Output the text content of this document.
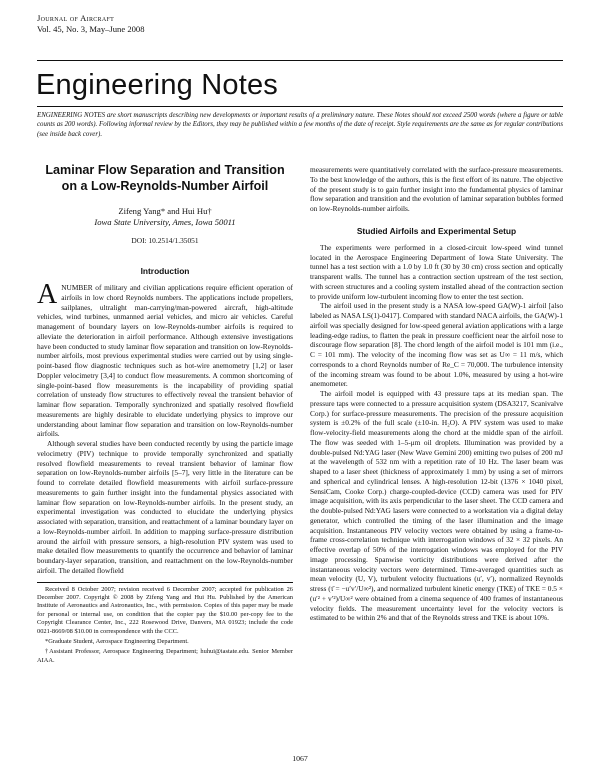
Journal of Aircraft
Vol. 45, No. 3, May–June 2008
Engineering Notes
ENGINEERING NOTES are short manuscripts describing new developments or important results of a preliminary nature. These Notes should not exceed 2500 words (where a figure or table counts as 200 words). Following informal review by the Editors, they may be published within a few months of the date of receipt. Style requirements are the same as for regular contributions (see inside back cover).
Laminar Flow Separation and Transition on a Low-Reynolds-Number Airfoil
Zifeng Yang* and Hui Hu†
Iowa State University, Ames, Iowa 50011
DOI: 10.2514/1.35051
Introduction
A NUMBER of military and civilian applications require efficient operation of airfoils in low chord Reynolds numbers. The applications include propellers, sailplanes, ultralight man-carrying/man-powered aircraft, high-altitude vehicles, wind turbines, unmanned aerial vehicles, and micro air vehicles. Careful management of boundary layers on low-Reynolds-number airfoils is required to alleviate the deterioration in airfoil performance. Although extensive investigations have been conducted to study laminar flow separation and transition on low-Reynolds-number airfoils, most previous experimental studies were carried out by using single-point-based flow diagnostic techniques such as hot-wire anemometry [1,2] or laser Doppler velocimetry [3,4] to conduct flow measurements. A common shortcoming of single-point-based flow measurements is the incapability of providing spatial correlation of unsteady flow structures to effectively reveal the transient behavior of laminar flow separation. Temporally synchronized and spatially resolved flowfield measurements are highly desirable to elucidate underlying physics to improve our understanding about laminar flow separation and transition on low-Reynolds-number airfoils.

Although several studies have been conducted recently by using the particle image velocimetry (PIV) technique to provide temporally synchronized and spatially resolved flowfield measurements to reveal transient behavior of laminar flow separation on low-Reynolds-number airfoils [5–7], very little in the literature can be found to correlate detailed flowfield measurements with airfoil surface-pressure measurements to gain further insight into the fundamental physics associated with laminar flow separation on low-Reynolds-number airfoils. In the present study, an experimental investigation was conducted to elucidate the underlying physics associated with separation, transition, and reattachment of a laminar boundary layer on a low-Reynolds-number airfoil. In addition to mapping surface-pressure distribution around the airfoil with pressure sensors, a high-resolution PIV system was used to make detailed flow measurements to quantify the occurrence and behavior of laminar boundary-layer separation, transition, and reattachment on the low-Reynolds-number airfoil. The detailed flowfield

Received 8 October 2007; revision received 6 December 2007; accepted for publication 26 December 2007. Copyright © 2008 by Zifeng Yang and Hui Hu. Published by the American Institute of Aeronautics and Astronautics, Inc., with permission. Copies of this paper may be made for personal or internal use, on condition that the copier pay the $10.00 per-copy fee to the Copyright Clearance Center, Inc., 222 Rosewood Drive, Danvers, MA 01923; include the code 0021-8669/08 $10.00 in correspondence with the CCC.

*Graduate Student, Aerospace Engineering Department.

†Assistant Professor, Aerospace Engineering Department; huhui@iastate.edu. Senior Member AIAA.

measurements were quantitatively correlated with the surface-pressure measurements. To the best knowledge of the authors, this is the first effort of its nature. The objective of the present study is to gain further insight into the fundamental physics of laminar flow separation and transition and the evolution of laminar separation bubbles formed on low-Reynolds-number airfoils.

Studied Airfoils and Experimental Setup

The experiments were performed in a closed-circuit low-speed wind tunnel located in the Aerospace Engineering Department of Iowa State University. The tunnel has a test section with a 1.0 by 1.0 ft (30 by 30 cm) cross section and optically transparent walls. The tunnel has a contraction section upstream of the test section, with screen structures and a cooling system installed ahead of the contraction section to provide uniform low-turbulent incoming flow to enter the test section.

The airfoil used in the present study is a NASA low-speed GA(W)-1 airfoil [also labeled as NASA LS(1)-0417]. Compared with standard NACA airfoils, the GA(W)-1 airfoil was specially designed for low-speed general aviation applications with a large leading-edge radius, to flatten the peak in pressure coefficient near the airfoil nose to discourage flow separation [8]. The chord length of the airfoil model is 101 mm (i.e., C = 101 mm). The velocity of the incoming flow was set as U∞ = 11 m/s, which corresponds to a chord Reynolds number of Re_C = 70,000. The turbulence intensity of the incoming stream was found to be about 1.0%, measured by using a hot-wire anemometer.

The airfoil model is equipped with 43 pressure taps at its median span. The pressure taps were connected to a pressure acquisition system (DSA3217, Scanivalve Corp.) for surface-pressure measurements. The precision of the pressure acquisition system is ±0.2% of the full scale (±10-in. H₂O). A PIV system was used to make flow-velocity-field measurements along the chord at the middle span of the airfoil. The flow was seeded with 1–5-μm oil droplets. Illumination was provided by a double-pulsed Nd:YAG laser (New Wave Gemini 200) emitting two pulses of 200 mJ at the wavelength of 532 nm with a repetition rate of 10 Hz. The laser beam was shaped to a laser sheet (thickness of approximately 1 mm) by using a set of mirrors and spherical and cylindrical lenses. A high-resolution 12-bit (1376 × 1040 pixel, SensiCam, Cooke Corp.) charge-coupled-device (CCD) camera was used for PIV image acquisition, with its axis perpendicular to the laser sheet. The CCD camera and the double-pulsed Nd:YAG lasers were connected to a workstation via a digital delay generator, which controlled the timing of the laser illumination and the image acquisition. Instantaneous PIV velocity vectors were obtained by using a frame-to-frame cross-correlation technique with interrogation windows of 32 × 32 pixels. An effective overlap of 50% of the interrogation windows was employed for the PIV image processing. Spanwise vorticity distributions were derived after the instantaneous velocity vectors were determined. Time-averaged quantities such as mean velocity (U, V), turbulent velocity fluctuations (u′, v′), normalized Reynolds stress (τ̄ = −u′v′/U∞²), and normalized turbulent kinetic energy (TKE) of TKE = 0.5 × (u′² + v′²)/U∞² were obtained from a cinema sequence of 400 frames of instantaneous velocity fields. The measurement uncertainty level for the velocity vectors is estimated to be within 2% and that of the Reynolds stress and TKE is about 10%.

1067
